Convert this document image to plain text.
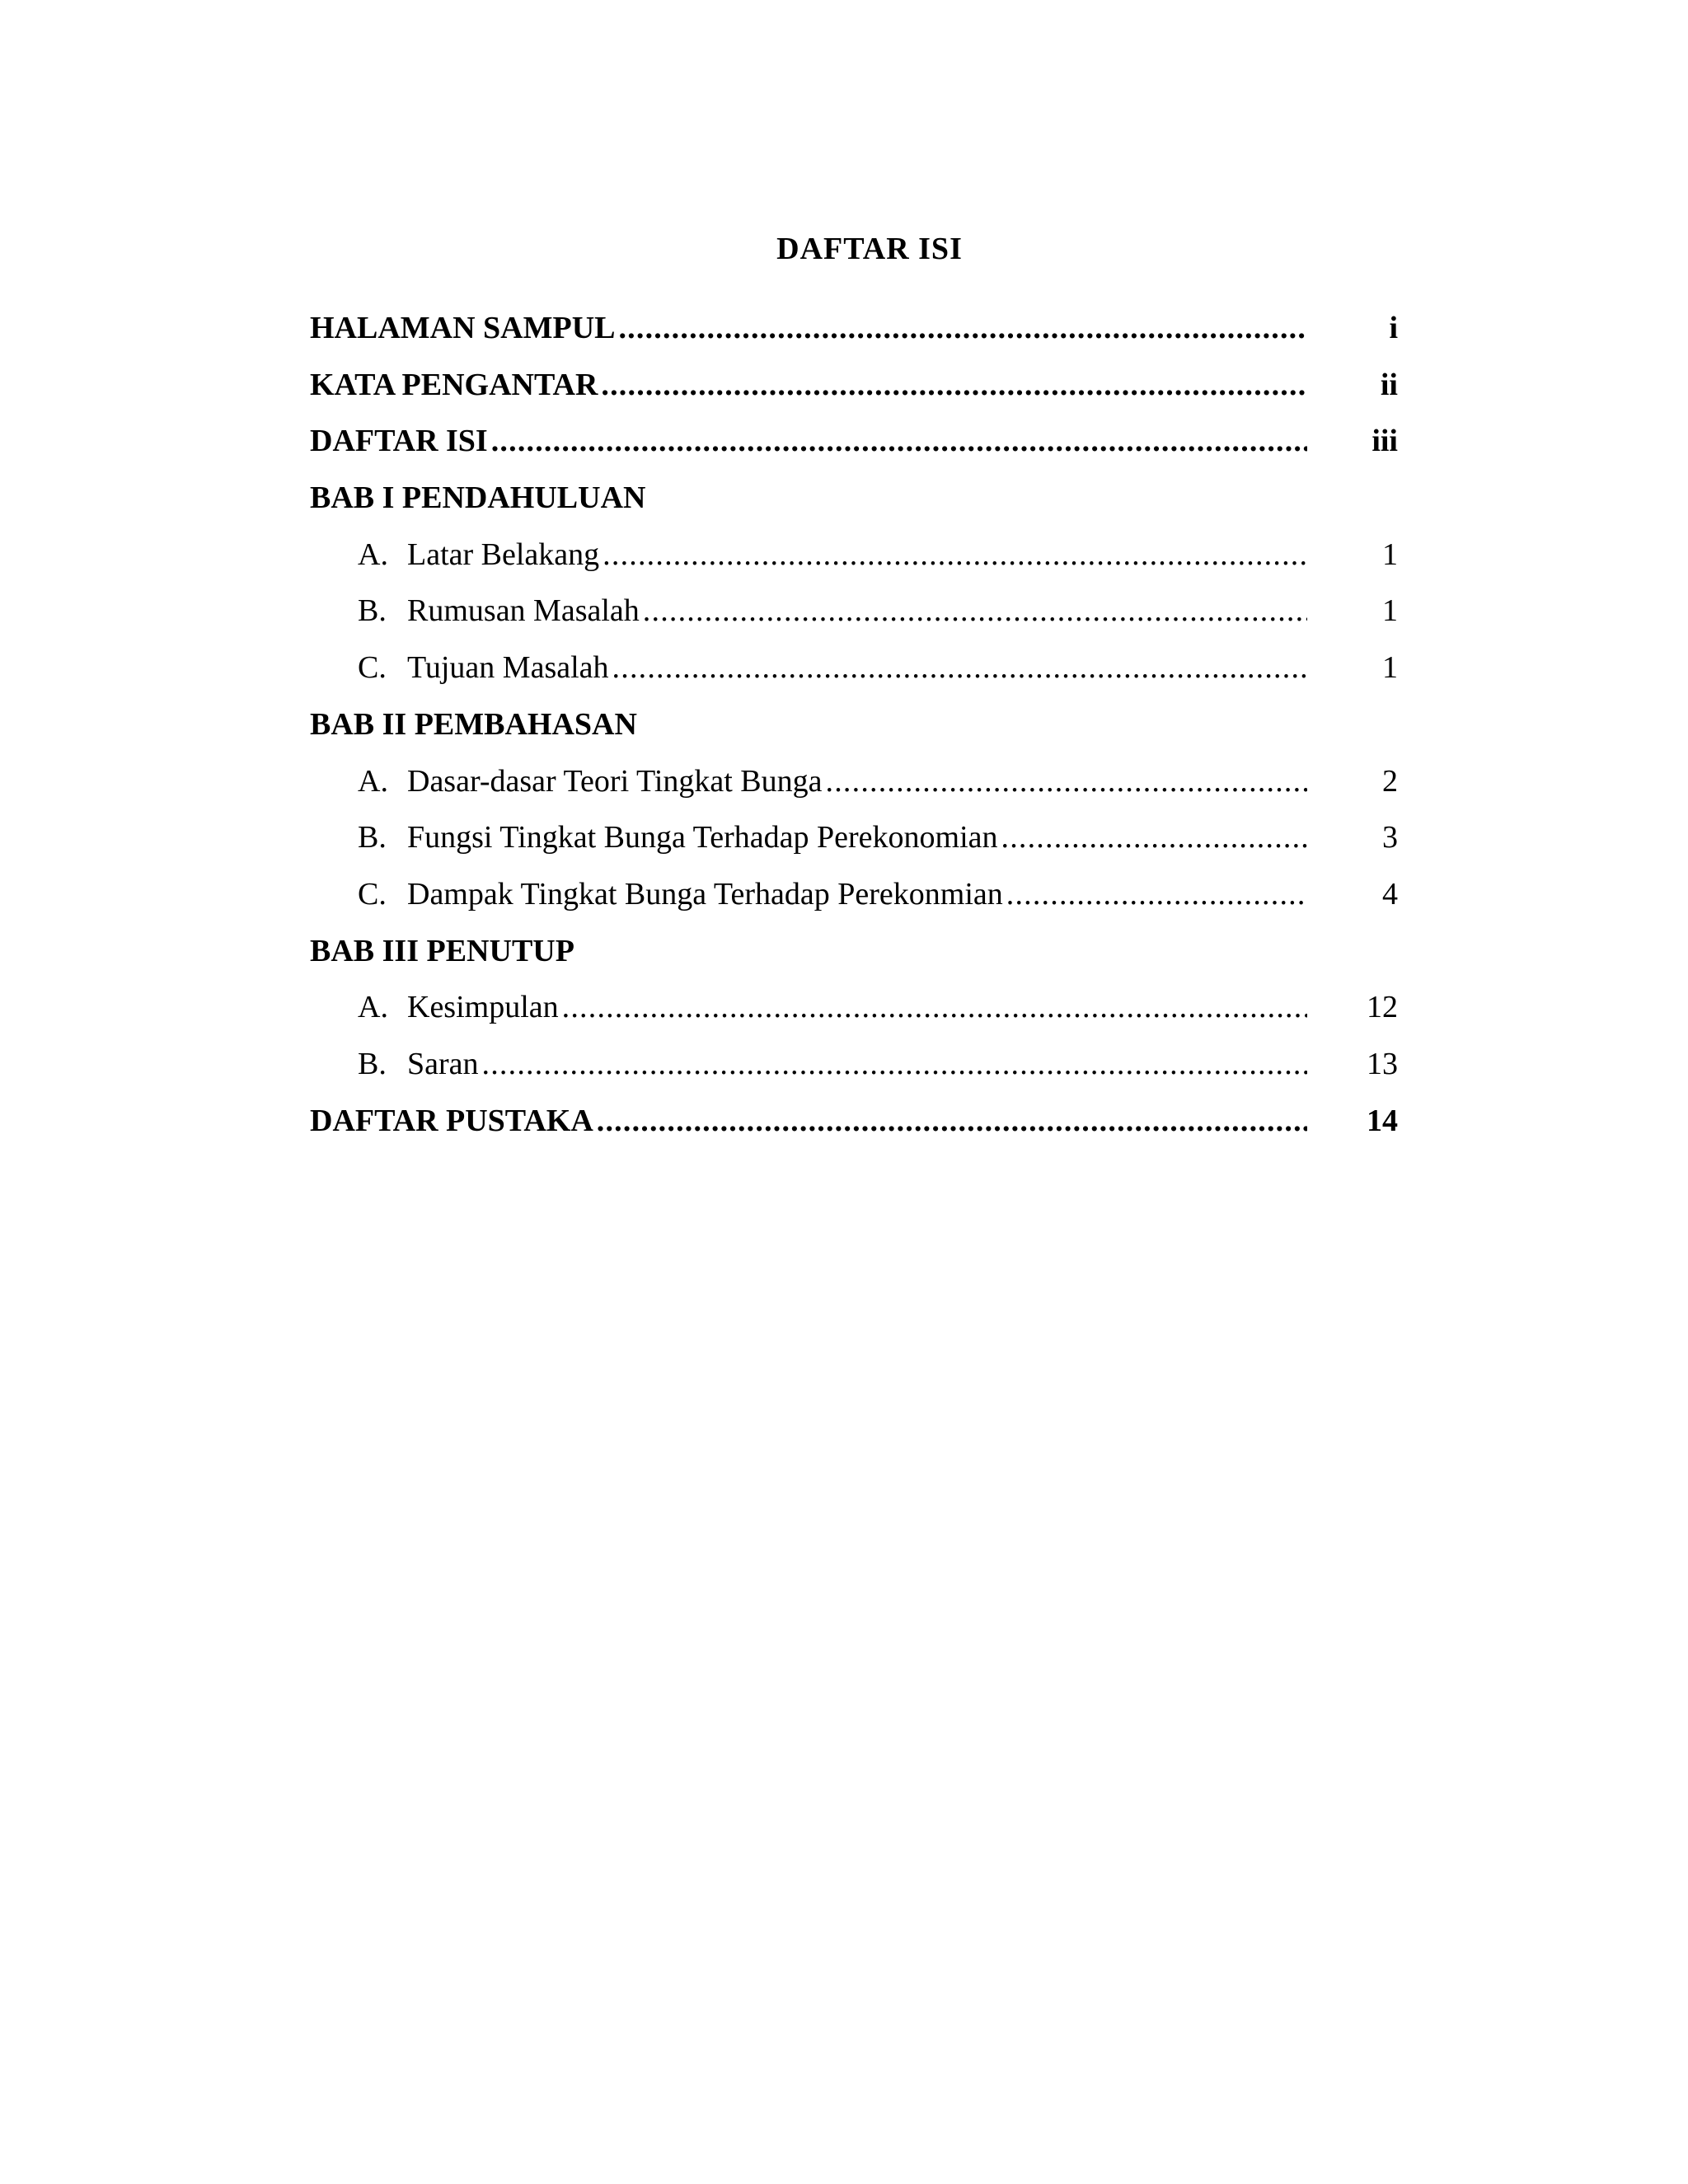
DAFTAR ISI
HALAMAN SAMPUL .....	i
KATA PENGANTAR .....	ii
DAFTAR ISI .....	iii
BAB I PENDAHULUAN
A. Latar Belakang .....	1
B. Rumusan Masalah .....	1
C. Tujuan Masalah .....	1
BAB II PEMBAHASAN
A. Dasar-dasar Teori Tingkat Bunga .....	2
B. Fungsi Tingkat Bunga Terhadap Perekonomian .....	3
C. Dampak Tingkat Bunga Terhadap Perekonmian .....	4
BAB III PENUTUP
A. Kesimpulan .....	12
B. Saran .....	13
DAFTAR PUSTAKA .....	14
